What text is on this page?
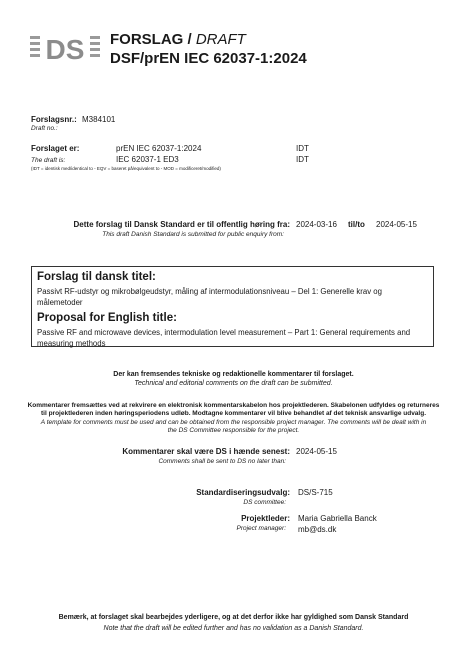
DS FORSLAG / DRAFT
DSF/prEN IEC 62037-1:2024
Forslagsnr.: M384101
Draft no.:
Forslaget er:	prEN IEC 62037-1:2024	IDT
The draft is:	IEC 62037-1 ED3	IDT
(IDT = identisk med/identical to - EQV = baseret på/equivalent to - MOD = modificeret/modified)
Dette forslag til Dansk Standard er til offentlig høring fra:
This draft Danish Standard is submitted for public enquiry from:
2024-03-16 til/to 2024-05-15
Forslag til dansk titel:
Passivt RF-udstyr og mikrobølgeudstyr, måling af intermodulationsniveau – Del 1: Generelle krav og
målemetoder
Proposal for English title:
Passive RF and microwave devices, intermodulation level measurement – Part 1: General requirements and
measuring methods
Der kan fremsendes tekniske og redaktionelle kommentarer til forslaget.
Technical and editorial comments on the draft can be submitted.
Kommentarer fremsættes ved at rekvirere en elektronisk kommentarskabelon hos projektlederen. Skabelonen udfyldes og returneres
til projektlederen inden høringsperiodens udløb. Modtagne kommentarer vil blive behandlet af det teknisk ansvarlige udvalg.
A template for comments must be used and can be obtained from the responsible project manager. The comments will be dealt with in
the DS Committee responsible for the project.
Kommentarer skal være DS i hænde senest:
Comments shall be sent to DS no later than:
2024-05-15
Standardiseringsudvalg:
DS committee:
DS/S-715
Projektleder:
Project manager:
Maria Gabriella Banck
mb@ds.dk
Bemærk, at forslaget skal bearbejdes yderligere, og at det derfor ikke har gyldighed som Dansk Standard
Note that the draft will be edited further and has no validation as a Danish Standard.
